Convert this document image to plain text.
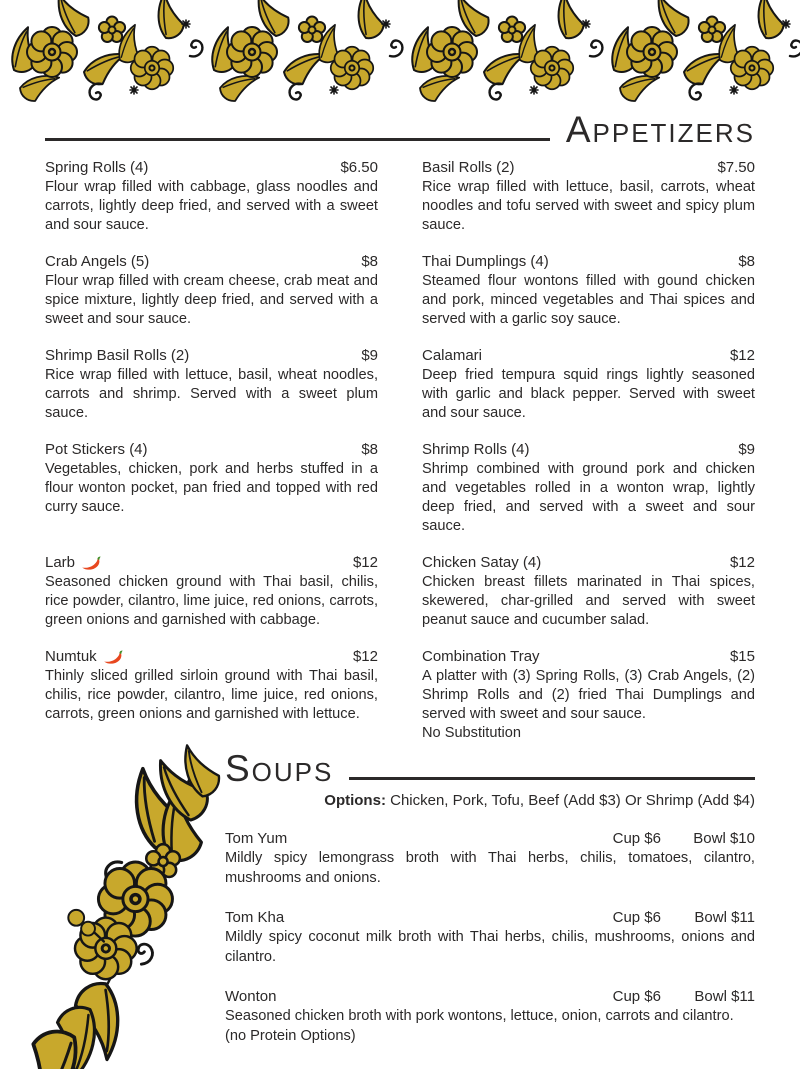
Appetizers
Spring Rolls (4)	$6.50
Flour wrap filled with cabbage, glass noodles and carrots, lightly deep fried, and served with a sweet and sour sauce.
Crab Angels (5)	$8
Flour wrap filled with cream cheese, crab meat and spice mixture, lightly deep fried, and served with a sweet and sour sauce.
Shrimp Basil Rolls (2)	$9
Rice wrap filled with lettuce, basil, wheat noodles, carrots and shrimp. Served with a sweet plum sauce.
Pot Stickers (4)	$8
Vegetables, chicken, pork and herbs stuffed in a flour wonton pocket, pan fried and topped with red curry sauce.
Larb	$12
Seasoned chicken ground with Thai basil, chilis, rice powder, cilantro, lime juice, red onions, carrots, green onions and garnished with cabbage.
Numtuk	$12
Thinly sliced grilled sirloin ground with Thai basil, chilis, rice powder, cilantro, lime juice, red onions, carrots, green onions and garnished with lettuce.
Basil Rolls (2)	$7.50
Rice wrap filled with lettuce, basil, carrots, wheat noodles and tofu served with sweet and spicy plum sauce.
Thai Dumplings (4)	$8
Steamed flour wontons filled with gound chicken and pork, minced vegetables and Thai spices and served with a garlic soy sauce.
Calamari	$12
Deep fried tempura squid rings lightly seasoned with garlic and black pepper. Served with sweet and sour sauce.
Shrimp Rolls (4)	$9
Shrimp combined with ground pork and chicken and vegetables rolled in a wonton wrap, lightly deep fried, and served with a sweet and sour sauce.
Chicken Satay (4)	$12
Chicken breast fillets marinated in Thai spices, skewered, char-grilled and served with sweet peanut sauce and cucumber salad.
Combination Tray	$15
A platter with (3) Spring Rolls, (3) Crab Angels, (2) Shrimp Rolls and (2) fried Thai Dumplings and served with sweet and sour sauce.
No Substitution
Soups
Options: Chicken, Pork, Tofu, Beef (Add $3) Or Shrimp (Add $4)
Tom Yum	Cup $6 Bowl $10
Mildly spicy lemongrass broth with Thai herbs, chilis, tomatoes, cilantro, mushrooms and onions.
Tom Kha	Cup $6 Bowl $11
Mildly spicy coconut milk broth with Thai herbs, chilis, mushrooms, onions and cilantro.
Wonton	Cup $6 Bowl $11
Seasoned chicken broth with pork wontons, lettuce, onion, carrots and cilantro.
(no Protein Options)
